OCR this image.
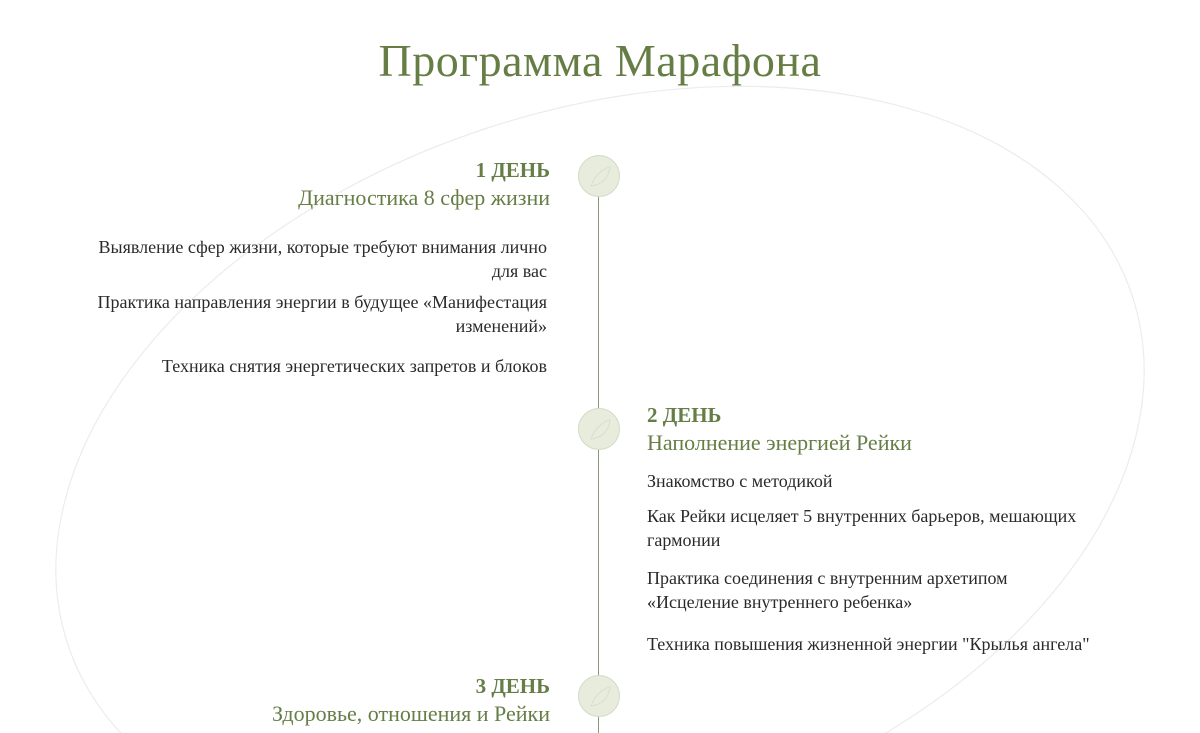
Программа Марафона
1 ДЕНЬ
Диагностика 8 сфер жизни
Выявление сфер жизни, которые требуют внимания лично для вас
Практика направления энергии в будущее «Манифестация изменений»
Техника снятия энергетических запретов и блоков
2 ДЕНЬ
Наполнение энергией Рейки
Знакомство с методикой
Как Рейки исцеляет 5 внутренних барьеров, мешающих гармонии
Практика соединения с внутренним архетипом «Исцеление внутреннего ребенка»
Техника повышения жизненной энергии "Крылья ангела"
3 ДЕНЬ
Здоровье, отношения и Рейки
